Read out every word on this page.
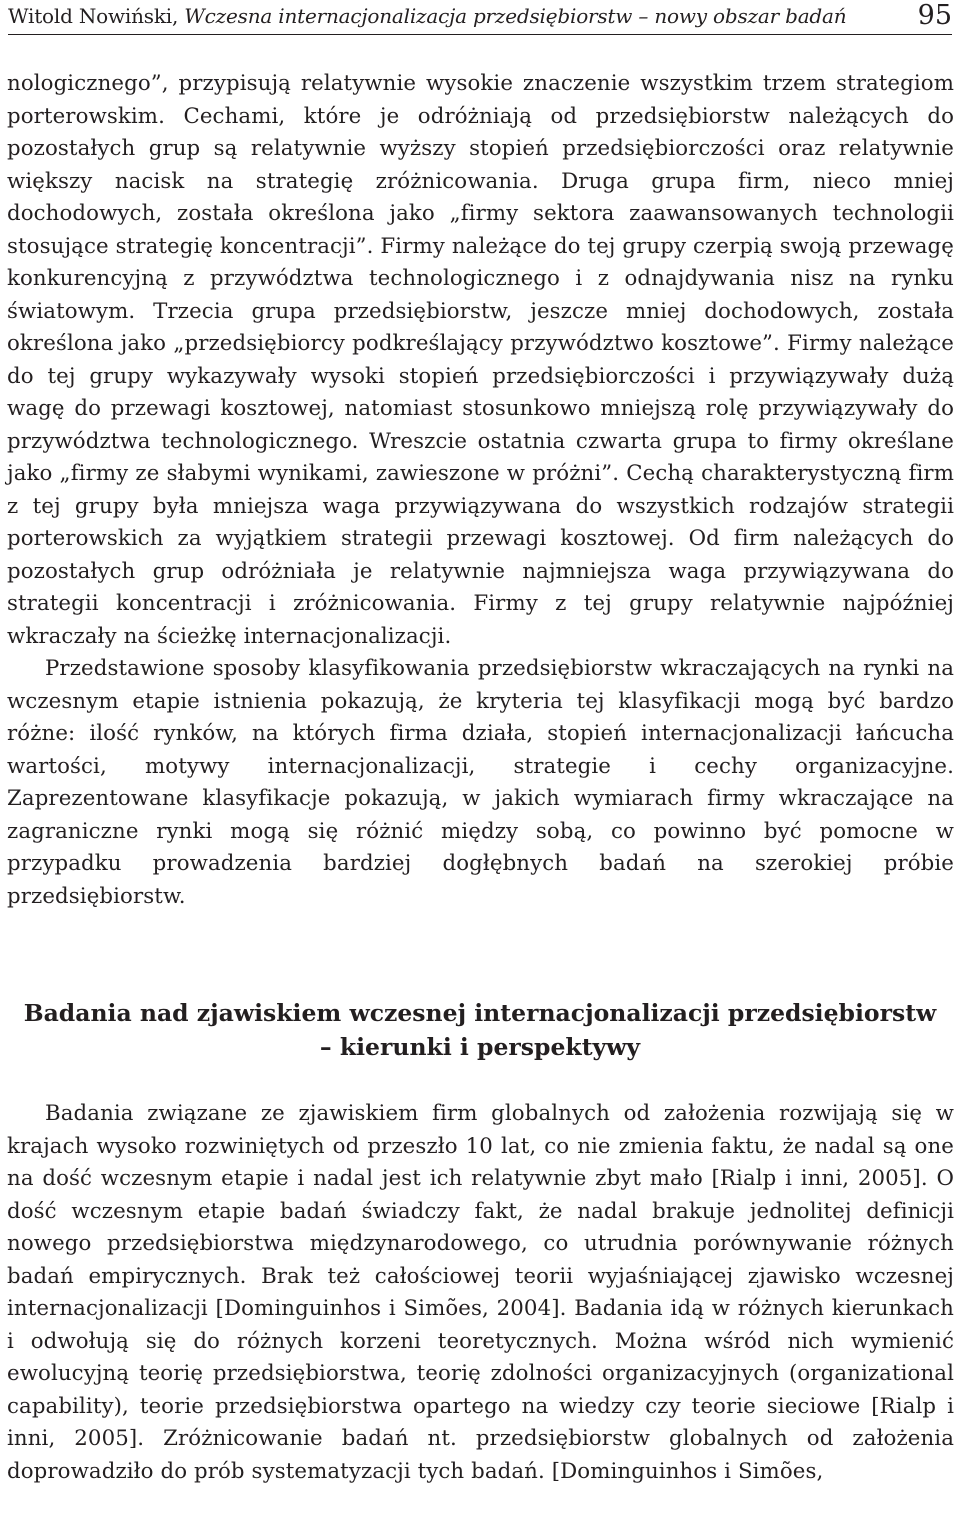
Witold Nowiński, Wczesna internacjonalizacja przedsiębiorstw – nowy obszar badań	95

nologicznego”, przypisują relatywnie wysokie znaczenie wszystkim trzem strategiom porterowskim. Cechami, które je odróżniają od przedsiębiorstw należących do pozostałych grup są relatywnie wyższy stopień przedsiębiorczości oraz relatywnie większy nacisk na strategię zróżnicowania. Druga grupa firm, nieco mniej dochodowych, została określona jako „firmy sektora zaawansowanych technologii stosujące strategię koncentracji”. Firmy należące do tej grupy czerpią swoją przewagę konkurencyjną z przywództwa technologicznego i z odnajdywania nisz na rynku światowym. Trzecia grupa przedsiębiorstw, jeszcze mniej dochodowych, została określona jako „przedsiębiorcy podkreślający przywództwo kosztowe”. Firmy należące do tej grupy wykazywały wysoki stopień przedsiębiorczości i przywiązywały dużą wagę do przewagi kosztowej, natomiast stosunkowo mniejszą rolę przywiązywały do przywództwa technologicznego. Wreszcie ostatnia czwarta grupa to firmy określane jako „firmy ze słabymi wynikami, zawieszone w próżni”. Cechą charakterystyczną firm z tej grupy była mniejsza waga przywiązywana do wszystkich rodzajów strategii porterowskich za wyjątkiem strategii przewagi kosztowej. Od firm należących do pozostałych grup odróżniała je relatywnie najmniejsza waga przywiązywana do strategii koncentracji i zróżnicowania. Firmy z tej grupy relatywnie najpóźniej wkraczały na ścieżkę internacjonalizacji.

Przedstawione sposoby klasyfikowania przedsiębiorstw wkraczających na rynki na wczesnym etapie istnienia pokazują, że kryteria tej klasyfikacji mogą być bardzo różne: ilość rynków, na których firma działa, stopień internacjonalizacji łańcucha wartości, motywy internacjonalizacji, strategie i cechy organizacyjne. Zaprezentowane klasyfikacje pokazują, w jakich wymiarach firmy wkraczające na zagraniczne rynki mogą się różnić między sobą, co powinno być pomocne w przypadku prowadzenia bardziej dogłębnych badań na szerokiej próbie przedsiębiorstw.

Badania nad zjawiskiem wczesnej internacjonalizacji przedsiębiorstw
– kierunki i perspektywy

Badania związane ze zjawiskiem firm globalnych od założenia rozwijają się w krajach wysoko rozwiniętych od przeszło 10 lat, co nie zmienia faktu, że nadal są one na dość wczesnym etapie i nadal jest ich relatywnie zbyt mało [Rialp i inni, 2005]. O dość wczesnym etapie badań świadczy fakt, że nadal brakuje jednolitej definicji nowego przedsiębiorstwa międzynarodowego, co utrudnia porównywanie różnych badań empirycznych. Brak też całościowej teorii wyjaśniającej zjawisko wczesnej internacjonalizacji [Dominguinhos i Simões, 2004]. Badania idą w różnych kierunkach i odwołują się do różnych korzeni teoretycznych. Można wśród nich wymienić ewolucyjną teorię przedsiębiorstwa, teorię zdolności organizacyjnych (organizational capability), teorie przedsiębiorstwa opartego na wiedzy czy teorie sieciowe [Rialp i inni, 2005]. Zróżnicowanie badań nt. przedsiębiorstw globalnych od założenia doprowadziło do prób systematyzacji tych badań. [Dominguinhos i Simões,
